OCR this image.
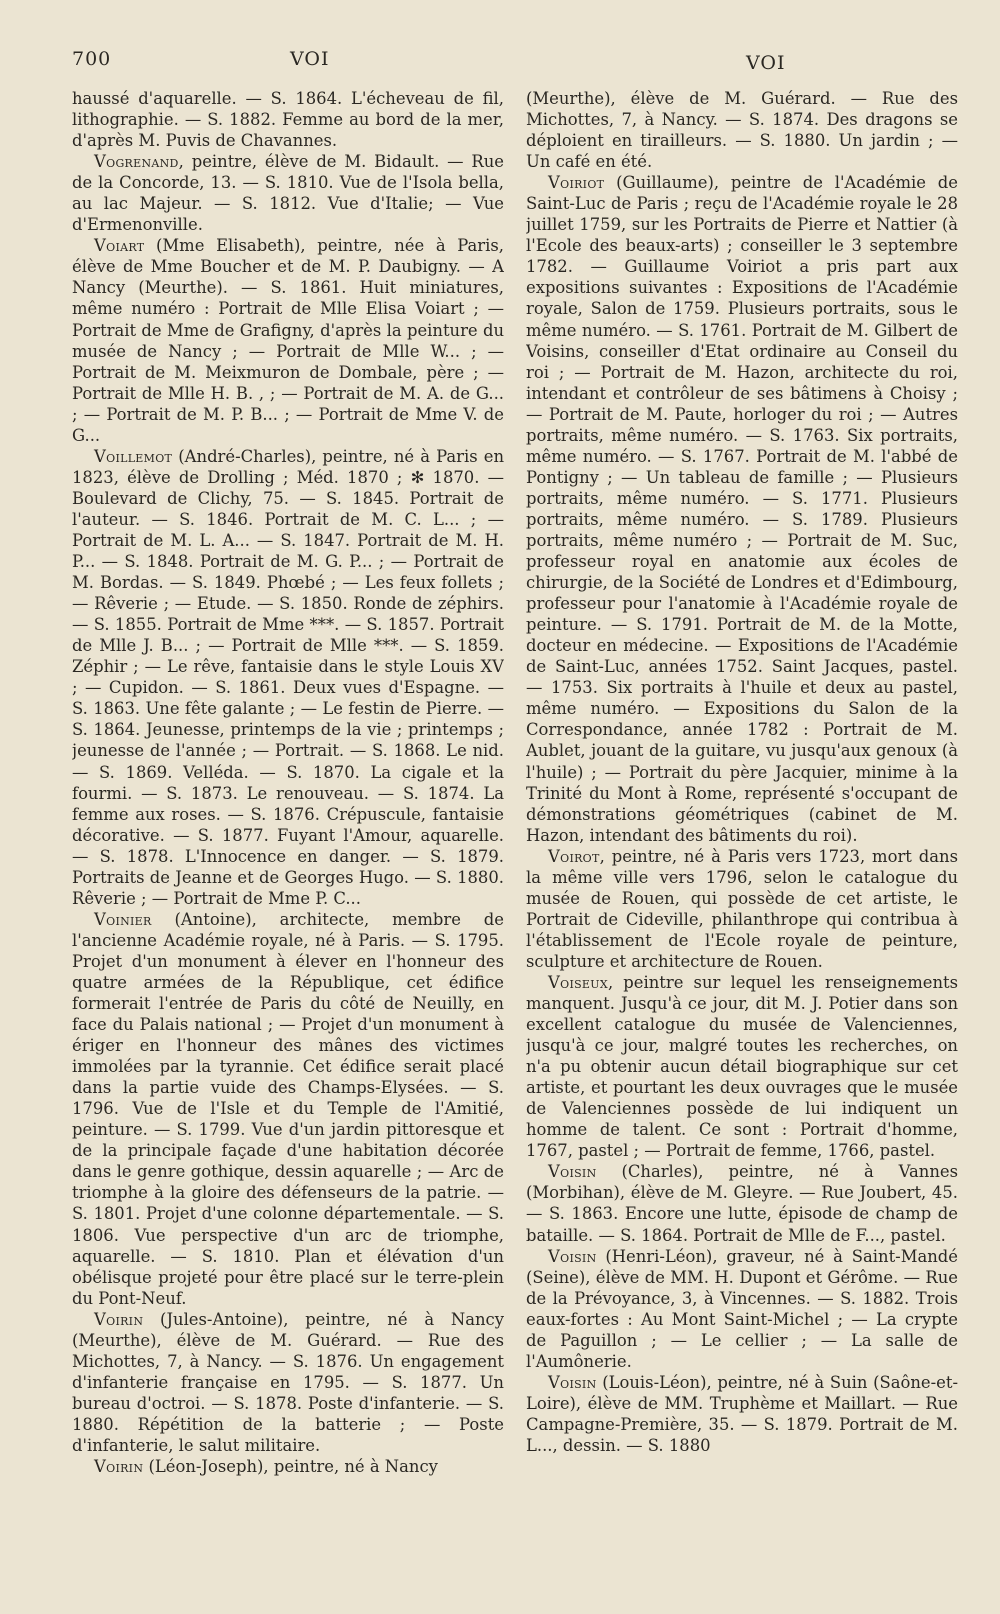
700	VOI	VOI

haussé d'aquarelle. — S. 1864. L'écheveau de fil, lithographie. — S. 1882. Femme au bord de la mer, d'après M. Puvis de Chavannes.

Vogrenand, peintre, élève de M. Bidault. — Rue de la Concorde, 13. — S. 1810. Vue de l'Isola bella, au lac Majeur. — S. 1812. Vue d'Italie; — Vue d'Ermenonville.

Voiart (Mme Elisabeth), peintre, née à Paris, élève de Mme Boucher et de M. P. Daubigny. — A Nancy (Meurthe). — S. 1861. Huit miniatures, même numéro : Portrait de Mlle Elisa Voiart ; — Portrait de Mme de Grafigny, d'après la peinture du musée de Nancy ; — Portrait de Mlle W... ; — Portrait de M. Meixmuron de Dombale, père ; — Portrait de Mlle H. B. , ; — Portrait de M. A. de G... ; — Portrait de M. P. B... ; — Portrait de Mme V. de G...

Voillemot (André-Charles), peintre, né à Paris en 1823, élève de Drolling ; Méd. 1870 ; ✻ 1870. — Boulevard de Clichy, 75. — S. 1845. Portrait de l'auteur. — S. 1846. Portrait de M. C. L... ; — Portrait de M. L. A... — S. 1847. Portrait de M. H. P... — S. 1848. Portrait de M. G. P... ; — Portrait de M. Bordas. — S. 1849. Phœbé ; — Les feux follets ; — Rêverie ; — Etude. — S. 1850. Ronde de zéphirs. — S. 1855. Portrait de Mme ***. — S. 1857. Portrait de Mlle J. B... ; — Portrait de Mlle ***. — S. 1859. Zéphir ; — Le rêve, fantaisie dans le style Louis XV ; — Cupidon. — S. 1861. Deux vues d'Espagne. — S. 1863. Une fête galante ; — Le festin de Pierre. — S. 1864. Jeunesse, printemps de la vie ; printemps ; jeunesse de l'année ; — Portrait. — S. 1868. Le nid. — S. 1869. Velléda. — S. 1870. La cigale et la fourmi. — S. 1873. Le renouveau. — S. 1874. La femme aux roses. — S. 1876. Crépuscule, fantaisie décorative. — S. 1877. Fuyant l'Amour, aquarelle. — S. 1878. L'Innocence en danger. — S. 1879. Portraits de Jeanne et de Georges Hugo. — S. 1880. Rêverie ; — Portrait de Mme P. C...

Voinier (Antoine), architecte, membre de l'ancienne Académie royale, né à Paris. — S. 1795. Projet d'un monument à élever en l'honneur des quatre armées de la République, cet édifice formerait l'entrée de Paris du côté de Neuilly, en face du Palais national ; — Projet d'un monument à ériger en l'honneur des mânes des victimes immolées par la tyrannie. Cet édifice serait placé dans la partie vuide des Champs-Elysées. — S. 1796. Vue de l'Isle et du Temple de l'Amitié, peinture. — S. 1799. Vue d'un jardin pittoresque et de la principale façade d'une habitation décorée dans le genre gothique, dessin aquarelle ; — Arc de triomphe à la gloire des défenseurs de la patrie. — S. 1801. Projet d'une colonne départementale. — S. 1806. Vue perspective d'un arc de triomphe, aquarelle. — S. 1810. Plan et élévation d'un obélisque projeté pour être placé sur le terre-plein du Pont-Neuf.

Voirin (Jules-Antoine), peintre, né à Nancy (Meurthe), élève de M. Guérard. — Rue des Michottes, 7, à Nancy. — S. 1876. Un engagement d'infanterie française en 1795. — S. 1877. Un bureau d'octroi. — S. 1878. Poste d'infanterie. — S. 1880. Répétition de la batterie ; — Poste d'infanterie, le salut militaire.

Voirin (Léon-Joseph), peintre, né à Nancy

(Meurthe), élève de M. Guérard. — Rue des Michottes, 7, à Nancy. — S. 1874. Des dragons se déploient en tirailleurs. — S. 1880. Un jardin ; — Un café en été.

Voiriot (Guillaume), peintre de l'Académie de Saint-Luc de Paris ; reçu de l'Académie royale le 28 juillet 1759, sur les Portraits de Pierre et Nattier (à l'Ecole des beaux-arts) ; conseiller le 3 septembre 1782. — Guillaume Voiriot a pris part aux expositions suivantes : Expositions de l'Académie royale, Salon de 1759. Plusieurs portraits, sous le même numéro. — S. 1761. Portrait de M. Gilbert de Voisins, conseiller d'Etat ordinaire au Conseil du roi ; — Portrait de M. Hazon, architecte du roi, intendant et contrôleur de ses bâtimens à Choisy ; — Portrait de M. Paute, horloger du roi ; — Autres portraits, même numéro. — S. 1763. Six portraits, même numéro. — S. 1767. Portrait de M. l'abbé de Pontigny ; — Un tableau de famille ; — Plusieurs portraits, même numéro. — S. 1771. Plusieurs portraits, même numéro. — S. 1789. Plusieurs portraits, même numéro ; — Portrait de M. Suc, professeur royal en anatomie aux écoles de chirurgie, de la Société de Londres et d'Edimbourg, professeur pour l'anatomie à l'Académie royale de peinture. — S. 1791. Portrait de M. de la Motte, docteur en médecine. — Expositions de l'Académie de Saint-Luc, années 1752. Saint Jacques, pastel. — 1753. Six portraits à l'huile et deux au pastel, même numéro. — Expositions du Salon de la Correspondance, année 1782 : Portrait de M. Aublet, jouant de la guitare, vu jusqu'aux genoux (à l'huile) ; — Portrait du père Jacquier, minime à la Trinité du Mont à Rome, représenté s'occupant de démonstrations géométriques (cabinet de M. Hazon, intendant des bâtiments du roi).

Voirot, peintre, né à Paris vers 1723, mort dans la même ville vers 1796, selon le catalogue du musée de Rouen, qui possède de cet artiste, le Portrait de Cideville, philanthrope qui contribua à l'établissement de l'Ecole royale de peinture, sculpture et architecture de Rouen.

Voiseux, peintre sur lequel les renseignements manquent. Jusqu'à ce jour, dit M. J. Potier dans son excellent catalogue du musée de Valenciennes, jusqu'à ce jour, malgré toutes les recherches, on n'a pu obtenir aucun détail biographique sur cet artiste, et pourtant les deux ouvrages que le musée de Valenciennes possède de lui indiquent un homme de talent. Ce sont : Portrait d'homme, 1767, pastel ; — Portrait de femme, 1766, pastel.

Voisin (Charles), peintre, né à Vannes (Morbihan), élève de M. Gleyre. — Rue Joubert, 45. — S. 1863. Encore une lutte, épisode de champ de bataille. — S. 1864. Portrait de Mlle de F..., pastel.

Voisin (Henri-Léon), graveur, né à Saint-Mandé (Seine), élève de MM. H. Dupont et Gérôme. — Rue de la Prévoyance, 3, à Vincennes. — S. 1882. Trois eaux-fortes : Au Mont Saint-Michel ; — La crypte de Paguillon ; — Le cellier ; — La salle de l'Aumônerie.

Voisin (Louis-Léon), peintre, né à Suin (Saône-et-Loire), élève de MM. Truphème et Maillart. — Rue Campagne-Première, 35. — S. 1879. Portrait de M. L..., dessin. — S. 1880
